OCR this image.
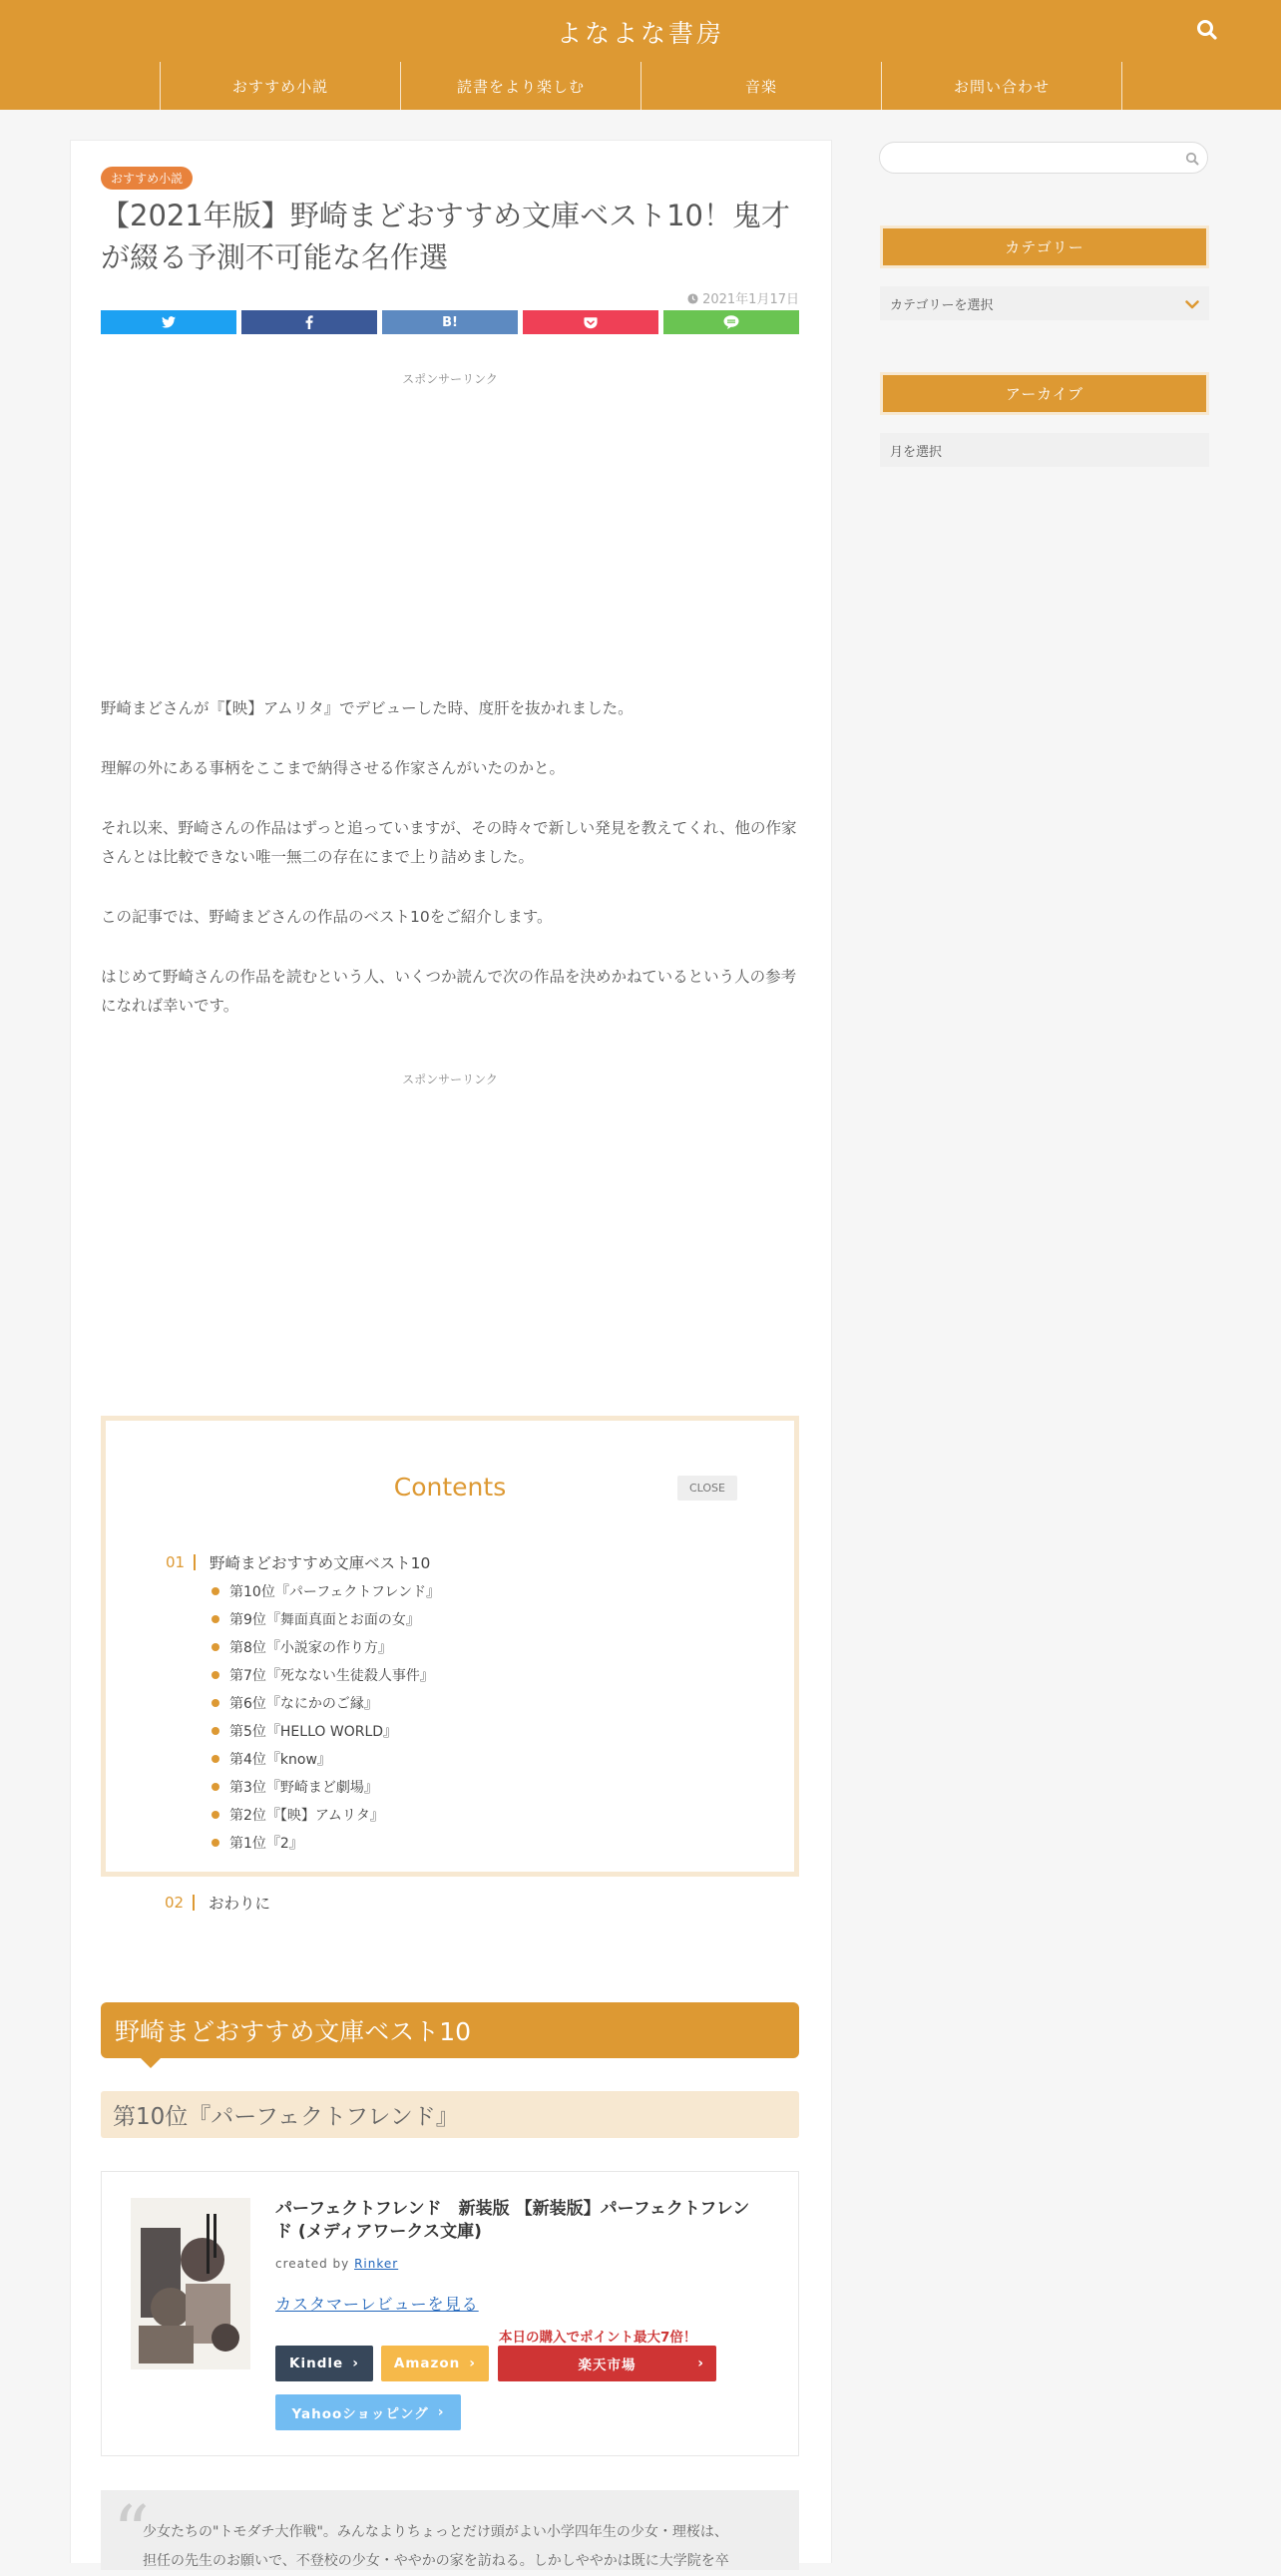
よなよな書房
おすすめ小説	読書をより楽しむ	音楽	お問い合わせ
おすすめ小説
【2021年版】野崎まどおすすめ文庫ベスト10！鬼才が綴る予測不可能な名作選
2021年1月17日
B!
スポンサーリンク

野崎まどさんが『【映】アムリタ』でデビューした時、度肝を抜かれました。

理解の外にある事柄をここまで納得させる作家さんがいたのかと。

それ以来、野崎さんの作品はずっと追っていますが、その時々で新しい発見を教えてくれ、他の作家さんとは比較できない唯一無二の存在にまで上り詰めました。

この記事では、野崎まどさんの作品のベスト10をご紹介します。

はじめて野崎さんの作品を読むという人、いくつか読んで次の作品を決めかねているという人の参考になれば幸いです。

スポンサーリンク
Contents	CLOSE
01 野崎まどおすすめ文庫ベスト10
第10位『パーフェクトフレンド』
第9位『舞面真面とお面の女』
第8位『小説家の作り方』
第7位『死なない生徒殺人事件』
第6位『なにかのご縁』
第5位『HELLO WORLD』
第4位『know』
第3位『野崎まど劇場』
第2位『【映】アムリタ』
第1位『2』
野崎まどおすすめ文庫ベスト10
第10位『パーフェクトフレンド』
パーフェクトフレンド　新装版 【新装版】パーフェクトフレンド (メディアワークス文庫)
created by Rinker
カスタマーレビューを見る
本日の購入でポイント最大7倍！
Kindle ›	Amazon ›	楽天市場	›
Yahooショッピング ›
“
少女たちの"トモダチ大作戦"。みんなよりちょっとだけ頭がよい小学四年生の少女・理桜は、
担任の先生のお願いで、不登校の少女・ややかの家を訪ねる。しかしややかは既に大学院を卒
02 おわりに
カテゴリー
カテゴリーを選択
アーカイブ
月を選択
